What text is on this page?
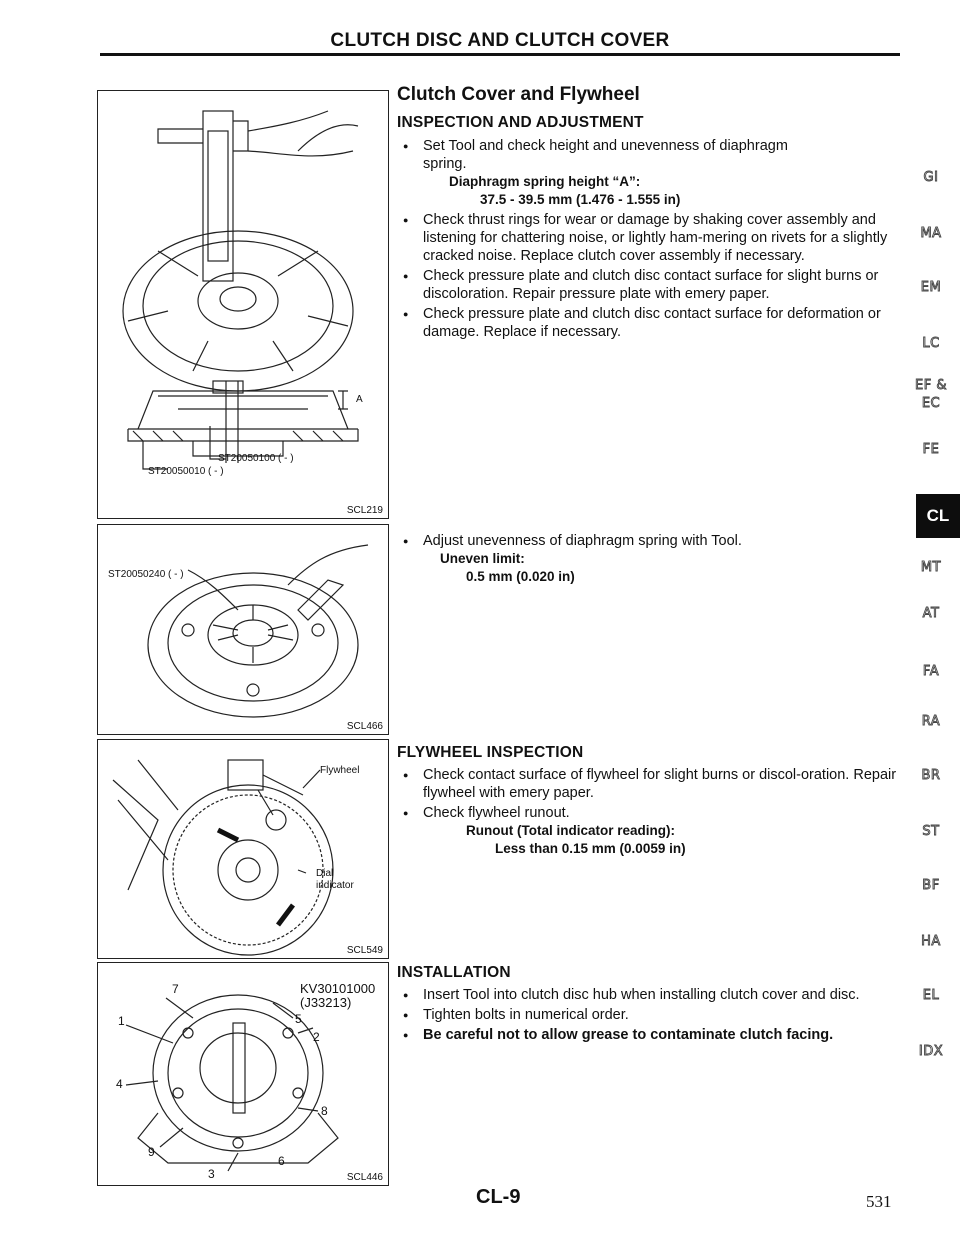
CLUTCH DISC AND CLUTCH COVER
A
ST20050100 ( - )
ST20050010 ( - )
SCL219
ST20050240 ( - )
SCL466
Flywheel
Dial
indicator
SCL549
KV30101000
(J33213)
7
1
4
5
2
8
9
3
6
SCL446
Clutch Cover and Flywheel
INSPECTION AND ADJUSTMENT
● Set Tool and check height and unevenness of diaphragm
spring.
Diaphragm spring height “A”:
37.5 - 39.5 mm (1.476 - 1.555 in)
● Check thrust rings for wear or damage by shaking cover assembly and listening for chattering noise, or lightly ham-mering on rivets for a slightly cracked noise. Replace clutch cover assembly if necessary.
● Check pressure plate and clutch disc contact surface for slight burns or discoloration. Repair pressure plate with emery paper.
● Check pressure plate and clutch disc contact surface for deformation or damage. Replace if necessary.
● Adjust unevenness of diaphragm spring with Tool.
Uneven limit:
0.5 mm (0.020 in)
FLYWHEEL INSPECTION
● Check contact surface of flywheel for slight burns or discol-oration. Repair flywheel with emery paper.
● Check flywheel runout.
Runout (Total indicator reading):
Less than 0.15 mm (0.0059 in)
INSTALLATION
● Insert Tool into clutch disc hub when installing clutch cover and disc.
● Tighten bolts in numerical order.
● Be careful not to allow grease to contaminate clutch facing.
GI
MA
EM
LC
EF &
EC
FE
CL
MT
AT
FA
RA
BR
ST
BF
HA
EL
IDX
CL-9	531
